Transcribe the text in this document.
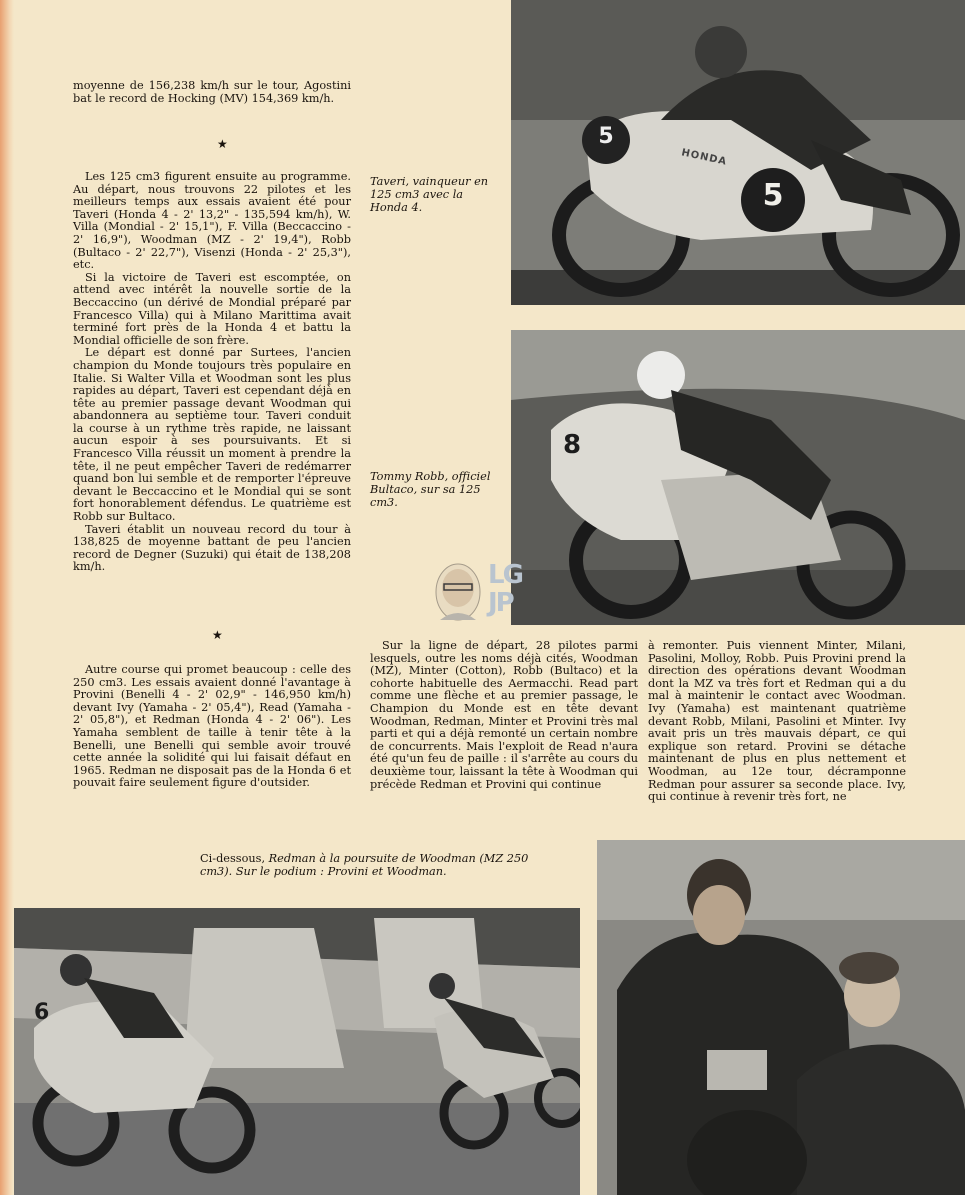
moyenne de 156,238 km/h sur le tour, Agostini bat le record de Hocking (MV) 154,369 km/h.

★

Les 125 cm3 figurent ensuite au programme. Au départ, nous trouvons 22 pilotes et les meilleurs temps aux essais avaient été pour Taveri (Honda 4 - 2' 13,2" - 135,594 km/h), W. Villa (Mondial - 2' 15,1"), F. Villa (Beccaccino - 2' 16,9"), Woodman (MZ - 2' 19,4"), Robb (Bultaco - 2' 22,7"), Visenzi (Honda - 2' 25,3"), etc.

Si la victoire de Taveri est escomptée, on attend avec intérêt la nouvelle sortie de la Beccaccino (un dérivé de Mondial préparé par Francesco Villa) qui à Milano Marittima avait terminé fort près de la Honda 4 et battu la Mondial officielle de son frère.

Le départ est donné par Surtees, l'ancien champion du Monde toujours très populaire en Italie. Si Walter Villa et Woodman sont les plus rapides au départ, Taveri est cependant déjà en tête au premier passage devant Woodman qui abandonnera au septième tour. Taveri conduit la course à un rythme très rapide, ne laissant aucun espoir à ses poursuivants. Et si Francesco Villa réussit un moment à prendre la tête, il ne peut empêcher Taveri de redémarrer quand bon lui semble et de remporter l'épreuve devant le Beccaccino et le Mondial qui se sont fort honorablement défendus. Le quatrième est Robb sur Bultaco.

Taveri établit un nouveau record du tour à 138,825 de moyenne battant de peu l'ancien record de Degner (Suzuki) qui était de 138,208 km/h.

★

Autre course qui promet beaucoup : celle des 250 cm3. Les essais avaient donné l'avantage à Provini (Benelli 4 - 2' 02,9" - 146,950 km/h) devant Ivy (Yamaha - 2' 05,4"), Read (Yamaha - 2' 05,8"), et Redman (Honda 4 - 2' 06"). Les Yamaha semblent de taille à tenir tête à la Benelli, une Benelli qui semble avoir trouvé cette année la solidité qui lui faisait défaut en 1965. Redman ne disposait pas de la Honda 6 et pouvait faire seulement figure d'outsider.

Sur la ligne de départ, 28 pilotes parmi lesquels, outre les noms déjà cités, Woodman (MZ), Minter (Cotton), Robb (Bultaco) et la cohorte habituelle des Aermacchi. Read part comme une flèche et au premier passage, le Champion du Monde est en tête devant Woodman, Redman, Minter et Provini très mal parti et qui a déjà remonté un certain nombre de concurrents. Mais l'exploit de Read n'aura été qu'un feu de paille : il s'arrête au cours du deuxième tour, laissant la tête à Woodman qui précède Redman et Provini qui continue

à remonter. Puis viennent Minter, Milani, Pasolini, Molloy, Robb. Puis Provini prend la direction des opérations devant Woodman dont la MZ va très fort et Redman qui a du mal à maintenir le contact avec Woodman. Ivy (Yamaha) est maintenant quatrième devant Robb, Milani, Pasolini et Minter. Ivy avait pris un très mauvais départ, ce qui explique son retard. Provini se détache maintenant de plus en plus nettement et Woodman, au 12e tour, décramponne Redman pour assurer sa seconde place. Ivy, qui continue à revenir très fort, ne

Taveri, vainqueur en 125 cm3 avec la Honda 4.
Tommy Robb, officiel Bultaco, sur sa 125 cm3.
Ci-dessous, Redman à la poursuite de Woodman (MZ 250 cm3). Sur le podium : Provini et Woodman.
5
5
HONDA
8
6
LG
JP
